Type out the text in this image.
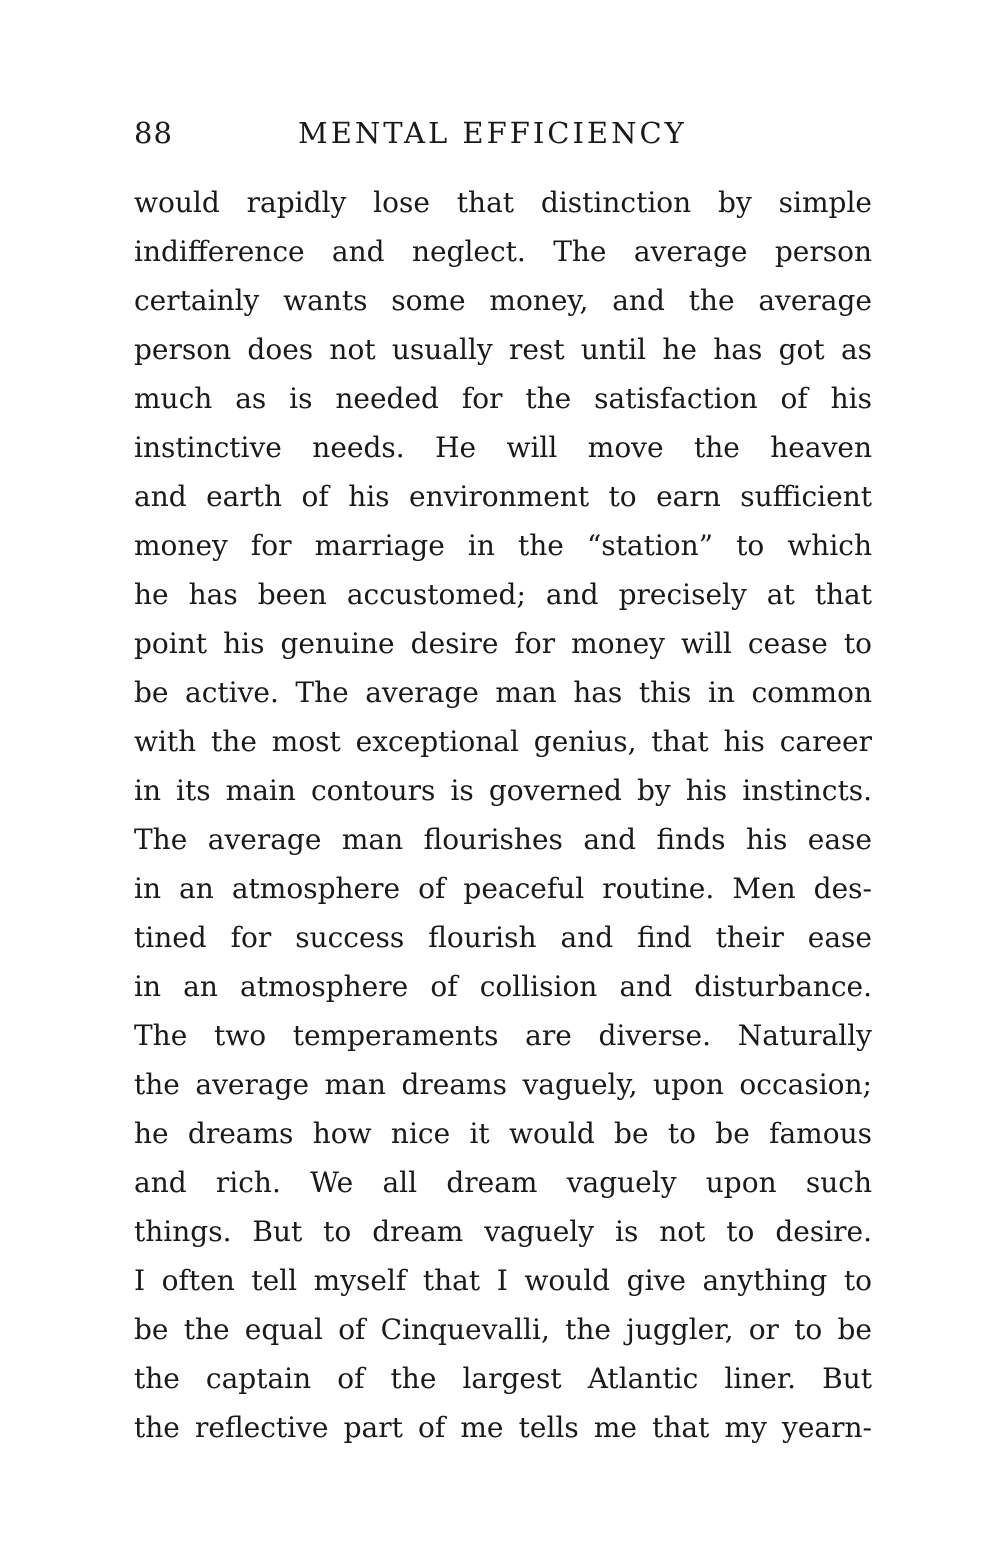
88	MENTAL EFFICIENCY
would rapidly lose that distinction by simple
indifference and neglect. The average person
certainly wants some money, and the average
person does not usually rest until he has got as
much as is needed for the satisfaction of his
instinctive needs. He will move the heaven
and earth of his environment to earn sufficient
money for marriage in the “station” to which
he has been accustomed; and precisely at that
point his genuine desire for money will cease to
be active. The average man has this in common
with the most exceptional genius, that his career
in its main contours is governed by his instincts.
The average man flourishes and finds his ease
in an atmosphere of peaceful routine. Men des-
tined for success flourish and find their ease
in an atmosphere of collision and disturbance.
The two temperaments are diverse. Naturally
the average man dreams vaguely, upon occasion;
he dreams how nice it would be to be famous
and rich. We all dream vaguely upon such
things. But to dream vaguely is not to desire.
I often tell myself that I would give anything to
be the equal of Cinquevalli, the juggler, or to be
the captain of the largest Atlantic liner. But
the reflective part of me tells me that my yearn-
